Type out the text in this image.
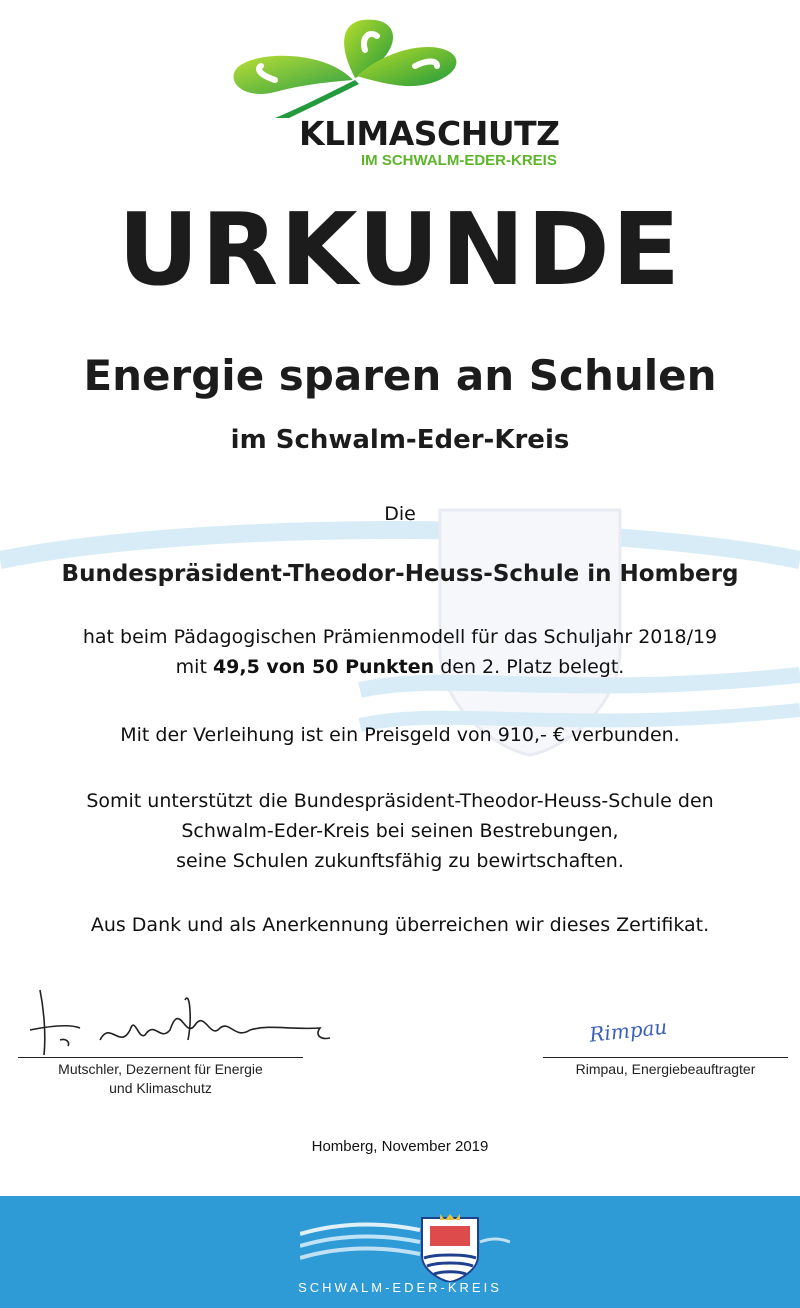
KLIMASCHUTZ
IM SCHWALM-EDER-KREIS
URKUNDE
Energie sparen an Schulen
im Schwalm-Eder-Kreis
Die
Bundespräsident-Theodor-Heuss-Schule in Homberg
hat beim Pädagogischen Prämienmodell für das Schuljahr 2018/19
mit 49,5 von 50 Punkten den 2. Platz belegt.
Mit der Verleihung ist ein Preisgeld von 910,- € verbunden.
Somit unterstützt die Bundespräsident-Theodor-Heuss-Schule den
Schwalm-Eder-Kreis bei seinen Bestrebungen,
seine Schulen zukunftsfähig zu bewirtschaften.
Aus Dank und als Anerkennung überreichen wir dieses Zertifikat.
Mutschler, Dezernent für Energie
und Klimaschutz
Rimpau
Rimpau, Energiebeauftragter
Homberg, November 2019
SCHWALM-EDER-KREIS
